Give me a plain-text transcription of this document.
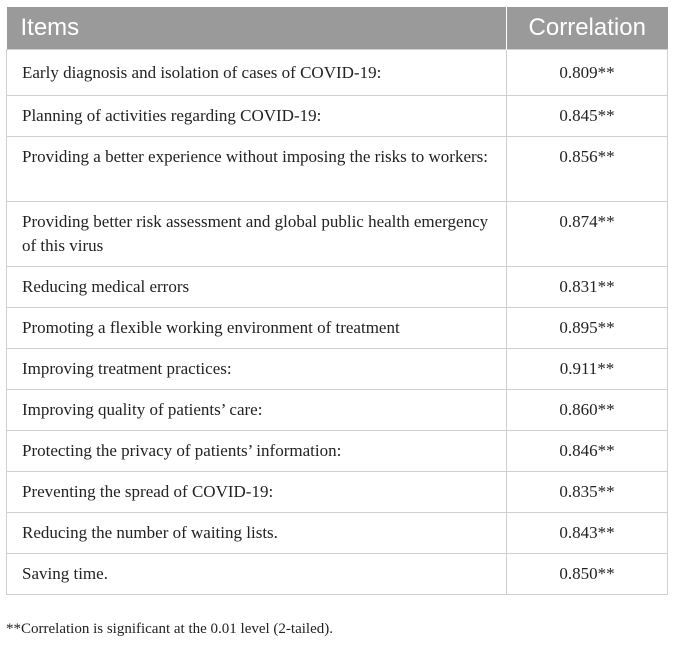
Items	Correlation
Early diagnosis and isolation of cases of COVID-19:	0.809**
Planning of activities regarding COVID-19:	0.845**
Providing a better experience without imposing the risks to workers:	0.856**
Providing better risk assessment and global public health emergency of this virus	0.874**
Reducing medical errors	0.831**
Promoting a flexible working environment of treatment	0.895**
Improving treatment practices:	0.911**
Improving quality of patients’ care:	0.860**
Protecting the privacy of patients’ information:	0.846**
Preventing the spread of COVID-19:	0.835**
Reducing the number of waiting lists.	0.843**
Saving time.	0.850**

**Correlation is significant at the 0.01 level (2-tailed).
